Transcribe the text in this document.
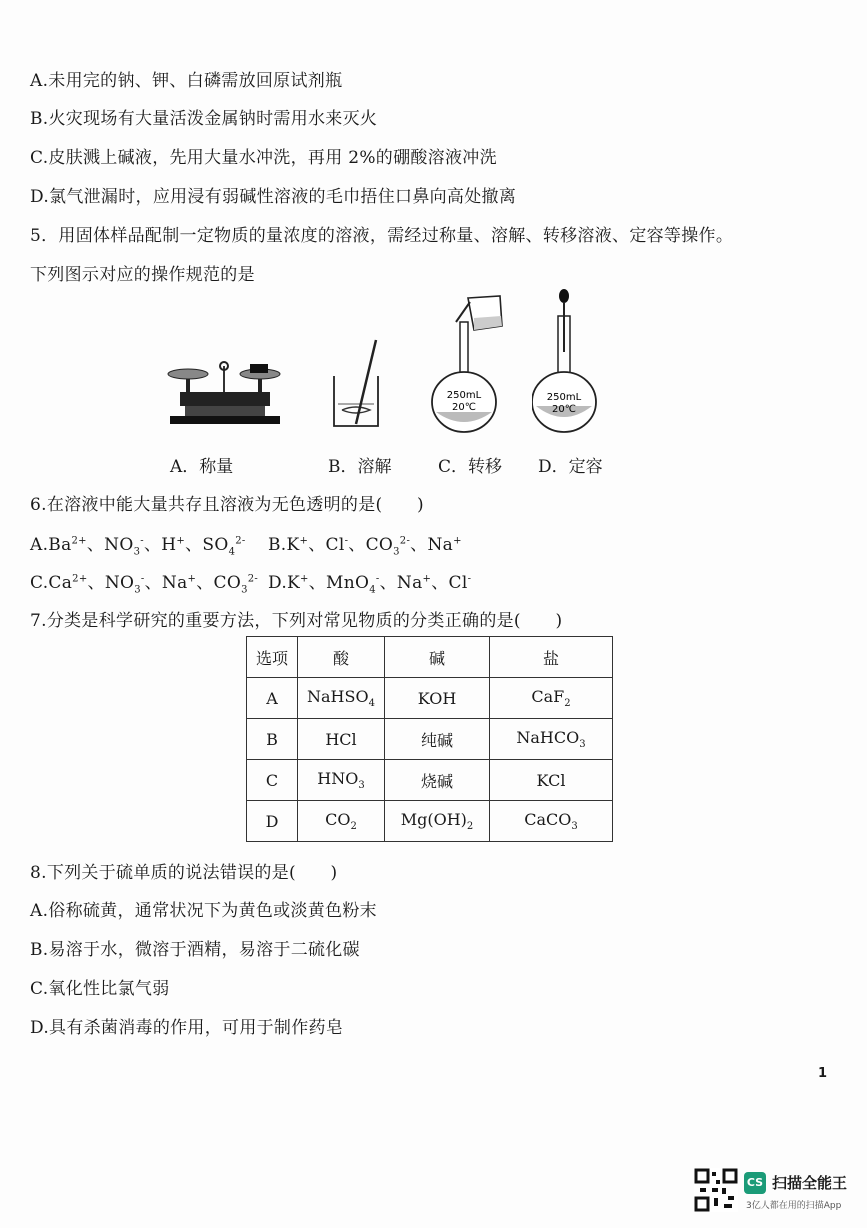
A.未用完的钠、钾、白磷需放回原试剂瓶
B.火灾现场有大量活泼金属钠时需用水来灭火
C.皮肤溅上碱液，先用大量水冲洗，再用 2%的硼酸溶液冲洗
D.氯气泄漏时，应用浸有弱碱性溶液的毛巾捂住口鼻向高处撤离
5．用固体样品配制一定物质的量浓度的溶液，需经过称量、溶解、转移溶液、定容等操作。
下列图示对应的操作规范的是
250mL
20℃
250mL
20℃
A．称量	B．溶解	C．转移 D．定容
6.在溶液中能大量共存且溶液为无色透明的是(　　)
$A.Ba^{2+}$、$NO_3^-$、H+、$SO_4^{2-}$ B.K+、Cl-、$CO_3^{2-}$、Na+
$C.Ca^{2+}$、$NO_3^-$、Na+、$CO_3^{2-}$ D.K+、MnO$_4$-、Na+、Cl-
7.分类是科学研究的重要方法，下列对常见物质的分类正确的是(　　)
选项	酸	碱	盐
A	NaHSO$_4$	KOH	CaF$_2$
B	HCl	纯碱	NaHCO$_3$
C	$HNO_3$	烧碱	KCl
D	$CO_2$	$Mg(OH)_2$	CaCO$_3$
8.下列关于硫单质的说法错误的是(　　)
A.俗称硫黄，通常状况下为黄色或淡黄色粉末
B.易溶于水，微溶于酒精，易溶于二硫化碳
C.氧化性比氯气弱
D.具有杀菌消毒的作用，可用于制作药皂
1
CS 扫描全能王
3亿人都在用的扫描App
